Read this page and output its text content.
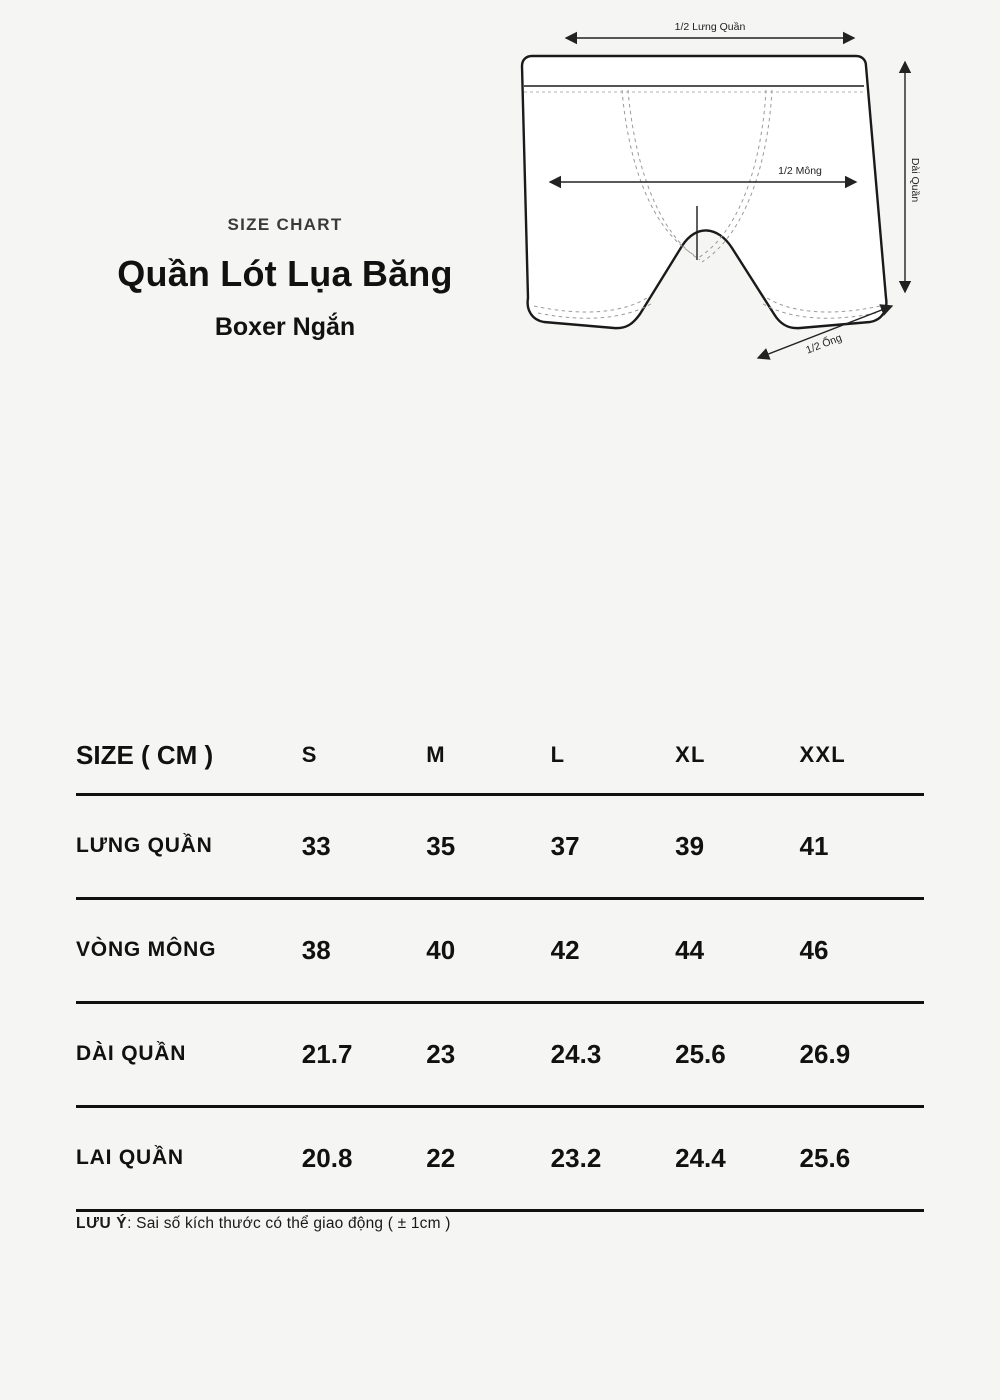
SIZE CHART

Quần Lót Lụa Băng
Boxer Ngắn
1/2 Lưng Quần
Dài Quần
1/2 Mông
1/2 Ống
SIZE ( CM )	S	M	L	XL	XXL
LƯNG QUẦN	33	35	37	39	41
VÒNG MÔNG	38	40	42	44	46
DÀI QUẦN	21.7	23	24.3	25.6	26.9
LAI QUẦN	20.8	22	23.2	24.4	25.6
LƯU Ý: Sai số kích thước có thể giao động ( ± 1cm )
